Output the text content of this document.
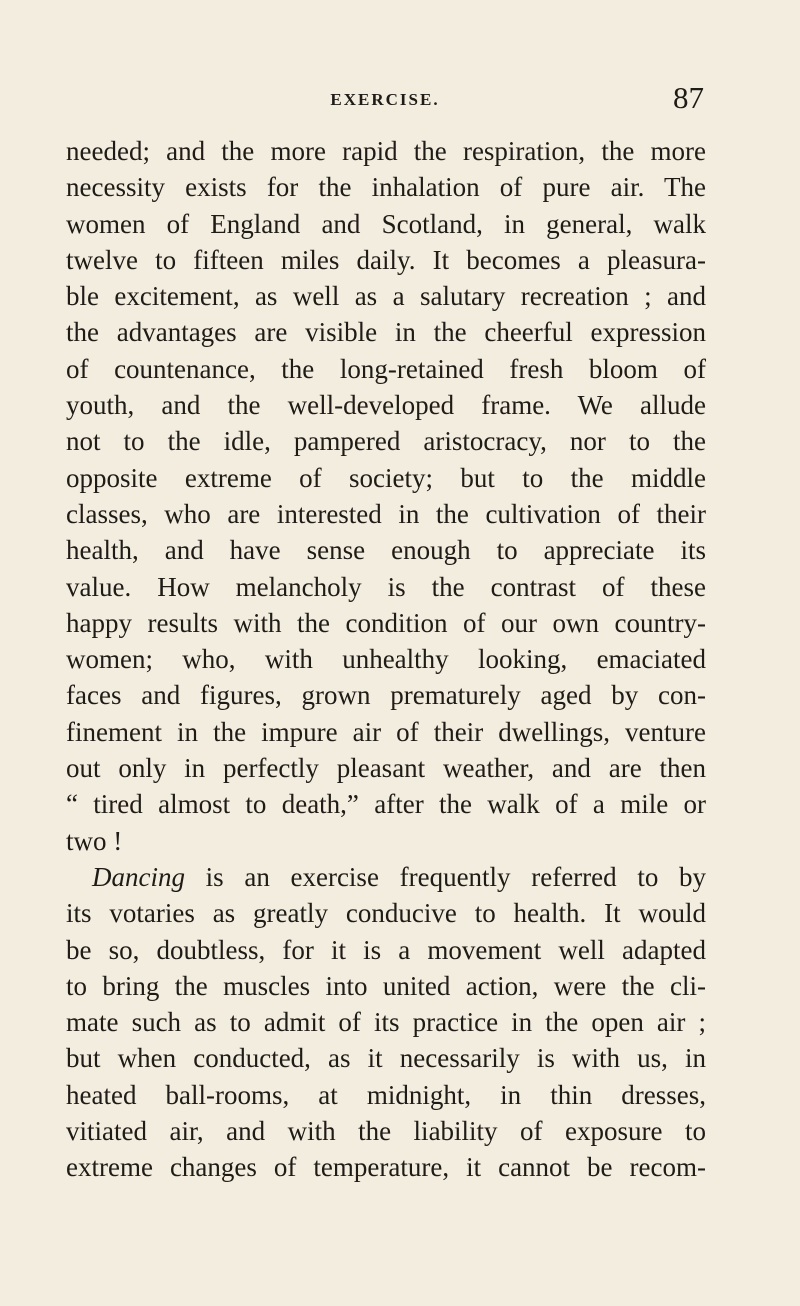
EXERCISE.	87
needed; and the more rapid the respiration, the more
necessity exists for the inhalation of pure air. The
women of England and Scotland, in general, walk
twelve to fifteen miles daily. It becomes a pleasura-
ble excitement, as well as a salutary recreation ; and
the advantages are visible in the cheerful expression
of countenance, the long-retained fresh bloom of
youth, and the well-developed frame. We allude
not to the idle, pampered aristocracy, nor to the
opposite extreme of society; but to the middle
classes, who are interested in the cultivation of their
health, and have sense enough to appreciate its
value. How melancholy is the contrast of these
happy results with the condition of our own country-
women; who, with unhealthy looking, emaciated
faces and figures, grown prematurely aged by con-
finement in the impure air of their dwellings, venture
out only in perfectly pleasant weather, and are then
“ tired almost to death,” after the walk of a mile or
two !
Dancing is an exercise frequently referred to by
its votaries as greatly conducive to health. It would
be so, doubtless, for it is a movement well adapted
to bring the muscles into united action, were the cli-
mate such as to admit of its practice in the open air ;
but when conducted, as it necessarily is with us, in
heated ball-rooms, at midnight, in thin dresses,
vitiated air, and with the liability of exposure to
extreme changes of temperature, it cannot be recom-
